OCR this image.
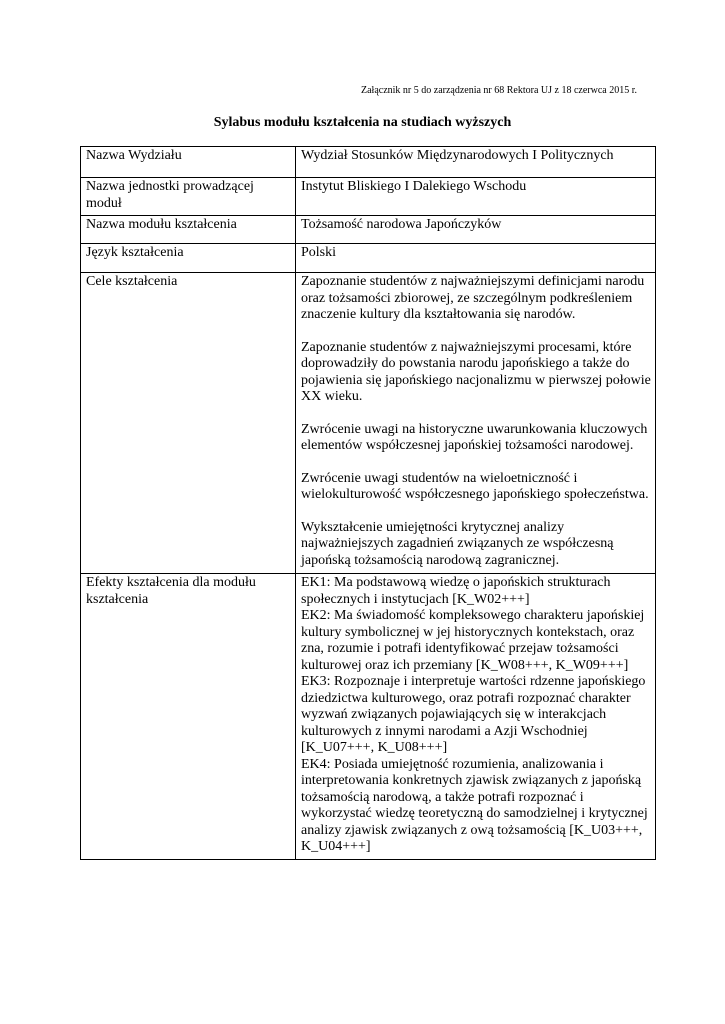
Załącznik nr 5 do zarządzenia nr 68 Rektora UJ z 18 czerwca 2015 r.
Sylabus modułu kształcenia na studiach wyższych
Nazwa Wydziału	Wydział Stosunków Międzynarodowych I Politycznych
Nazwa jednostki prowadzącej moduł	Instytut Bliskiego I Dalekiego Wschodu
Nazwa modułu kształcenia	Tożsamość narodowa Japończyków
Język kształcenia	Polski
Cele kształcenia	Zapoznanie studentów z najważniejszymi definicjami narodu oraz tożsamości zbiorowej, ze szczególnym podkreśleniem znaczenie kultury dla kształtowania się narodów.

Zapoznanie studentów z najważniejszymi procesami, które doprowadziły do powstania narodu japońskiego a także do pojawienia się japońskiego nacjonalizmu w pierwszej połowie XX wieku.

Zwrócenie uwagi na historyczne uwarunkowania kluczowych elementów współczesnej japońskiej tożsamości narodowej.

Zwrócenie uwagi studentów na wieloetniczność i wielokulturowość współczesnego japońskiego społeczeństwa.

Wykształcenie umiejętności krytycznej analizy najważniejszych zagadnień związanych ze współczesną japońską tożsamością narodową zagranicznej.

Efekty kształcenia dla modułu kształcenia	EK1: Ma podstawową wiedzę o japońskich strukturach społecznych i instytucjach [K_W02+++]

EK2: Ma świadomość kompleksowego charakteru japońskiej kultury symbolicznej w jej historycznych kontekstach, oraz zna, rozumie i potrafi identyfikować przejaw tożsamości kulturowej oraz ich przemiany [K_W08+++, K_W09+++]

EK3: Rozpoznaje i interpretuje wartości rdzenne japońskiego dziedzictwa kulturowego, oraz potrafi rozpoznać charakter wyzwań związanych pojawiających się w interakcjach kulturowych z innymi narodami a Azji Wschodniej [K_U07+++, K_U08+++]

EK4: Posiada umiejętność rozumienia, analizowania i interpretowania konkretnych zjawisk związanych z japońską tożsamością narodową, a także potrafi rozpoznać i wykorzystać wiedzę teoretyczną do samodzielnej i krytycznej analizy zjawisk związanych z ową tożsamością [K_U03+++, K_U04+++]
